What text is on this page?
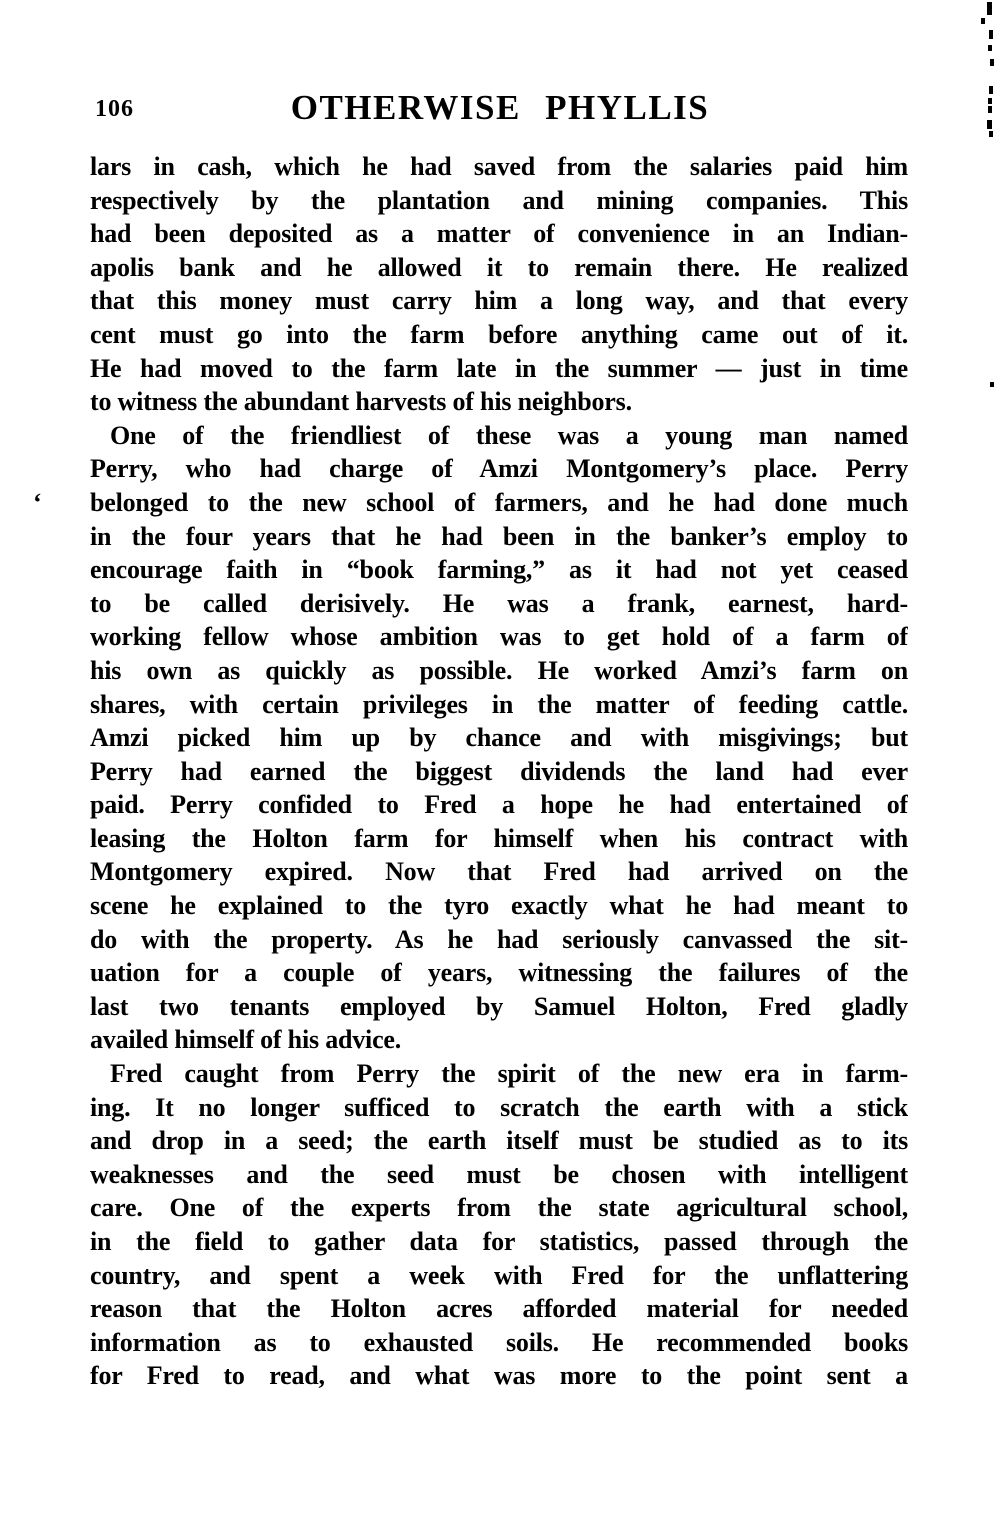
106	OTHERWISE PHYLLIS
lars in cash, which he had saved from the salaries paid him
respectively by the plantation and mining companies. This
had been deposited as a matter of convenience in an Indian-
apolis bank and he allowed it to remain there. He realized
that this money must carry him a long way, and that every
cent must go into the farm before anything came out of it.
He had moved to the farm late in the summer — just in time
to witness the abundant harvests of his neighbors.
One of the friendliest of these was a young man named
Perry, who had charge of Amzi Montgomery’s place. Perry
belonged to the new school of farmers, and he had done much
in the four years that he had been in the banker’s employ to
encourage faith in “book farming,” as it had not yet ceased
to be called derisively. He was a frank, earnest, hard-
working fellow whose ambition was to get hold of a farm of
his own as quickly as possible. He worked Amzi’s farm on
shares, with certain privileges in the matter of feeding cattle.
Amzi picked him up by chance and with misgivings; but
Perry had earned the biggest dividends the land had ever
paid. Perry confided to Fred a hope he had entertained of
leasing the Holton farm for himself when his contract with
Montgomery expired. Now that Fred had arrived on the
scene he explained to the tyro exactly what he had meant to
do with the property. As he had seriously canvassed the sit-
uation for a couple of years, witnessing the failures of the
last two tenants employed by Samuel Holton, Fred gladly
availed himself of his advice.
Fred caught from Perry the spirit of the new era in farm-
ing. It no longer sufficed to scratch the earth with a stick
and drop in a seed; the earth itself must be studied as to its
weaknesses and the seed must be chosen with intelligent
care. One of the experts from the state agricultural school,
in the field to gather data for statistics, passed through the
country, and spent a week with Fred for the unflattering
reason that the Holton acres afforded material for needed
information as to exhausted soils. He recommended books
for Fred to read, and what was more to the point sent a
‘
